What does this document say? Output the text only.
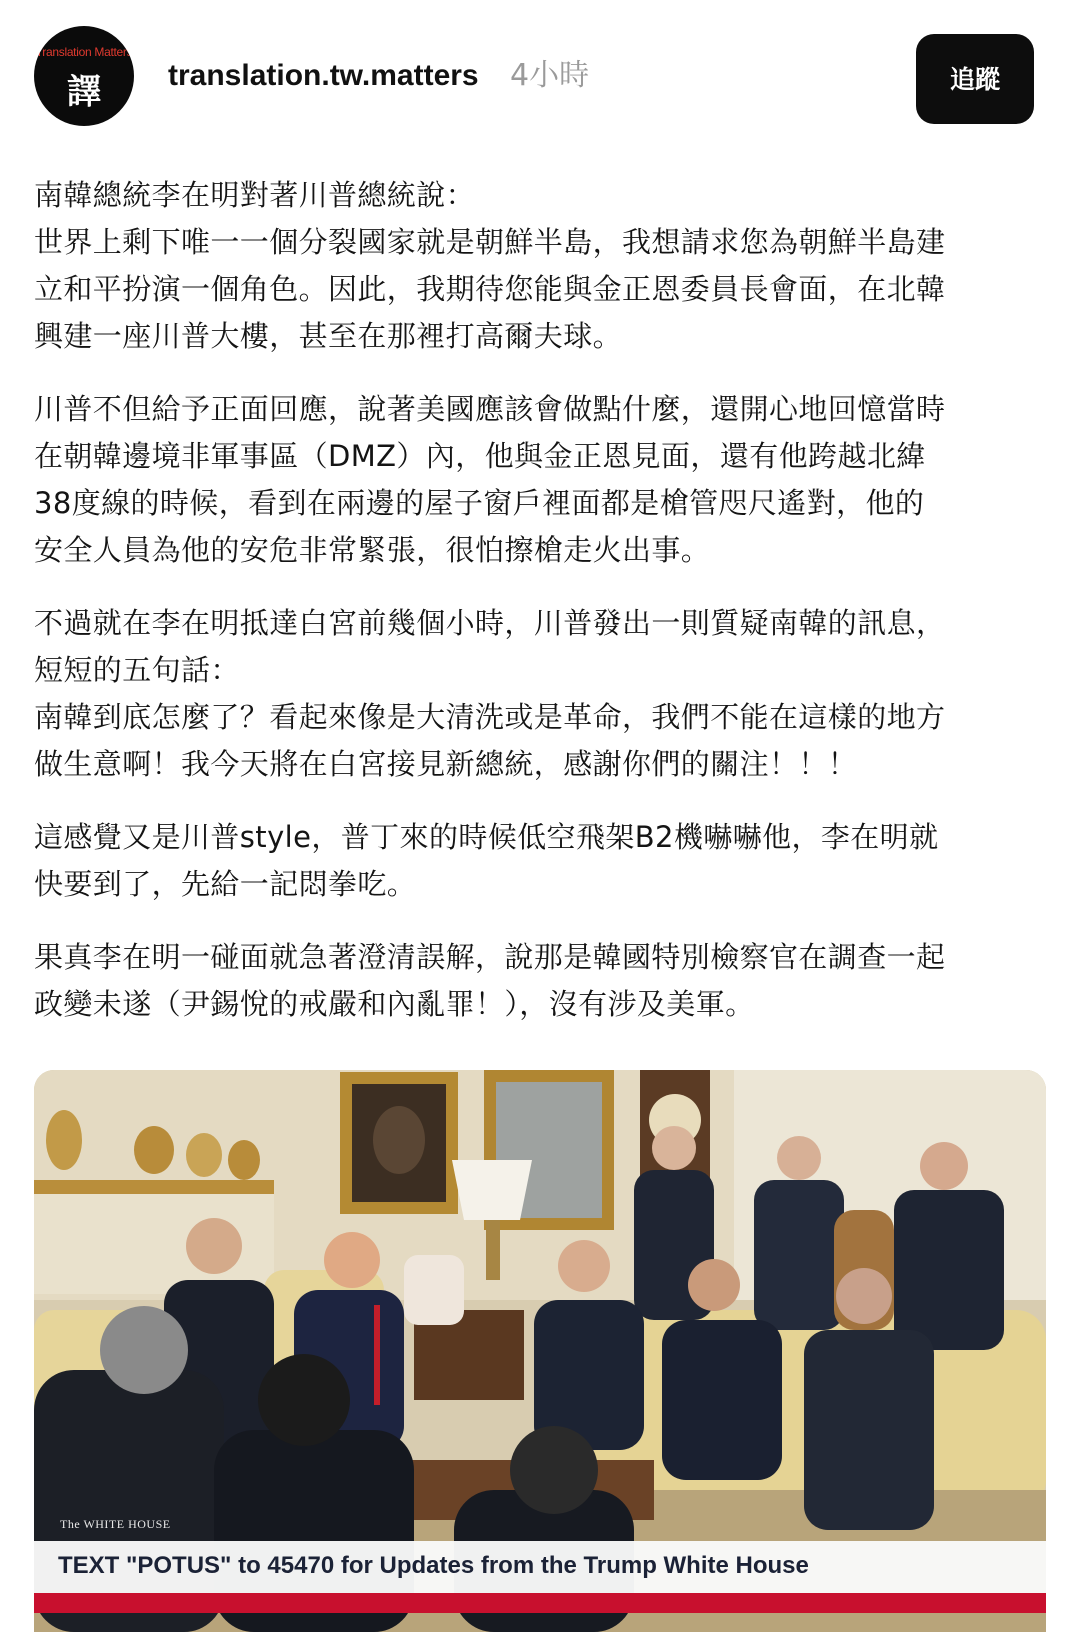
Translation Matters
譯	translation.tw.matters 4小時	追蹤

南韓總統李在明對著川普總統說：
世界上剩下唯一一個分裂國家就是朝鮮半島，我想請求您為朝鮮半島建
立和平扮演一個角色。因此，我期待您能與金正恩委員長會面，在北韓
興建一座川普大樓，甚至在那裡打高爾夫球。

川普不但給予正面回應，說著美國應該會做點什麼，還開心地回憶當時
在朝韓邊境非軍事區（DMZ）內，他與金正恩見面，還有他跨越北緯
38度線的時候，看到在兩邊的屋子窗戶裡面都是槍管咫尺遙對，他的
安全人員為他的安危非常緊張，很怕擦槍走火出事。

不過就在李在明抵達白宮前幾個小時，川普發出一則質疑南韓的訊息，
短短的五句話：
南韓到底怎麼了？看起來像是大清洗或是革命，我們不能在這樣的地方
做生意啊！我今天將在白宮接見新總統，感謝你們的關注！！！

這感覺又是川普style，普丁來的時候低空飛架B2機嚇嚇他，李在明就
快要到了，先給一記悶拳吃。

果真李在明一碰面就急著澄清誤解，說那是韓國特別檢察官在調查一起
政變未遂（尹錫悅的戒嚴和內亂罪！），沒有涉及美軍。

The WHITE HOUSE
TEXT "POTUS" to 45470 for Updates from the Trump White House
